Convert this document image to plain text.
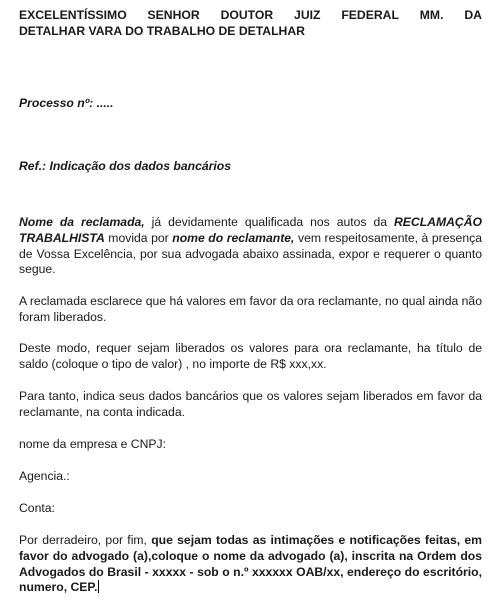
EXCELENTÍSSIMO SENHOR DOUTOR JUIZ FEDERAL MM. DA
DETALHAR VARA DO TRABALHO DE DETALHAR
Processo nº: .....
Ref.: Indicação dos dados bancários

Nome da reclamada, já devidamente qualificada nos autos da RECLAMAÇÃO TRABALHISTA movida por nome do reclamante, vem respeitosamente, à presença de Vossa Excelência, por sua advogada abaixo assinada, expor e requerer o quanto segue.

A reclamada esclarece que há valores em favor da ora reclamante, no qual ainda não foram liberados.

Deste modo, requer sejam liberados os valores para ora reclamante, ha título de saldo (coloque o tipo de valor) , no importe de R$ xxx,xx.

Para tanto, indica seus dados bancários que os valores sejam liberados em favor da reclamante, na conta indicada.

nome da empresa e CNPJ:

Agencia.:

Conta:

Por derradeiro, por fim, que sejam todas as intimações e notificações feitas, em favor do advogado (a),coloque o nome da advogado (a), inscrita na Ordem dos Advogados do Brasil - xxxxx - sob o n.º xxxxxx OAB/xx, endereço do escritório, numero, CEP.
